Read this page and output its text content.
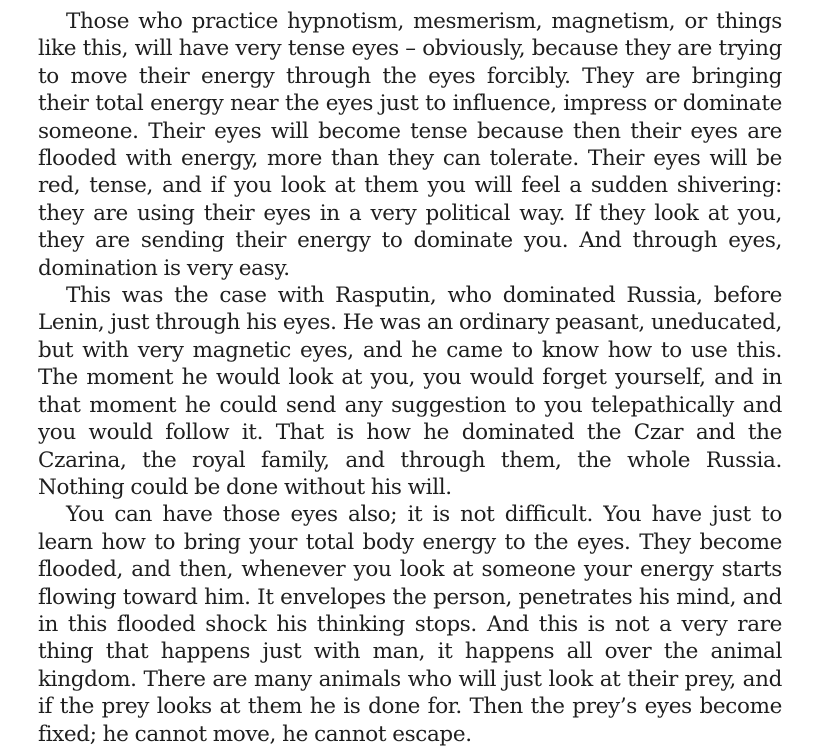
Those who practice hypnotism, mesmerism, magnetism, or things like this, will have very tense eyes – obviously, because they are trying to move their energy through the eyes forcibly. They are bringing their total energy near the eyes just to influence, impress or dominate someone. Their eyes will become tense because then their eyes are flooded with energy, more than they can tolerate. Their eyes will be red, tense, and if you look at them you will feel a sudden shivering: they are using their eyes in a very political way. If they look at you, they are sending their energy to dominate you. And through eyes, domination is very easy.

This was the case with Rasputin, who dominated Russia, before Lenin, just through his eyes. He was an ordinary peasant, uneducated, but with very magnetic eyes, and he came to know how to use this. The moment he would look at you, you would forget yourself, and in that moment he could send any suggestion to you telepathically and you would follow it. That is how he dominated the Czar and the Czarina, the royal family, and through them, the whole Russia. Nothing could be done without his will.

You can have those eyes also; it is not difficult. You have just to learn how to bring your total body energy to the eyes. They become flooded, and then, whenever you look at someone your energy starts flowing toward him. It envelopes the person, penetrates his mind, and in this flooded shock his thinking stops. And this is not a very rare thing that happens just with man, it happens all over the animal kingdom. There are many animals who will just look at their prey, and if the prey looks at them he is done for. Then the prey’s eyes become fixed; he cannot move, he cannot escape.
